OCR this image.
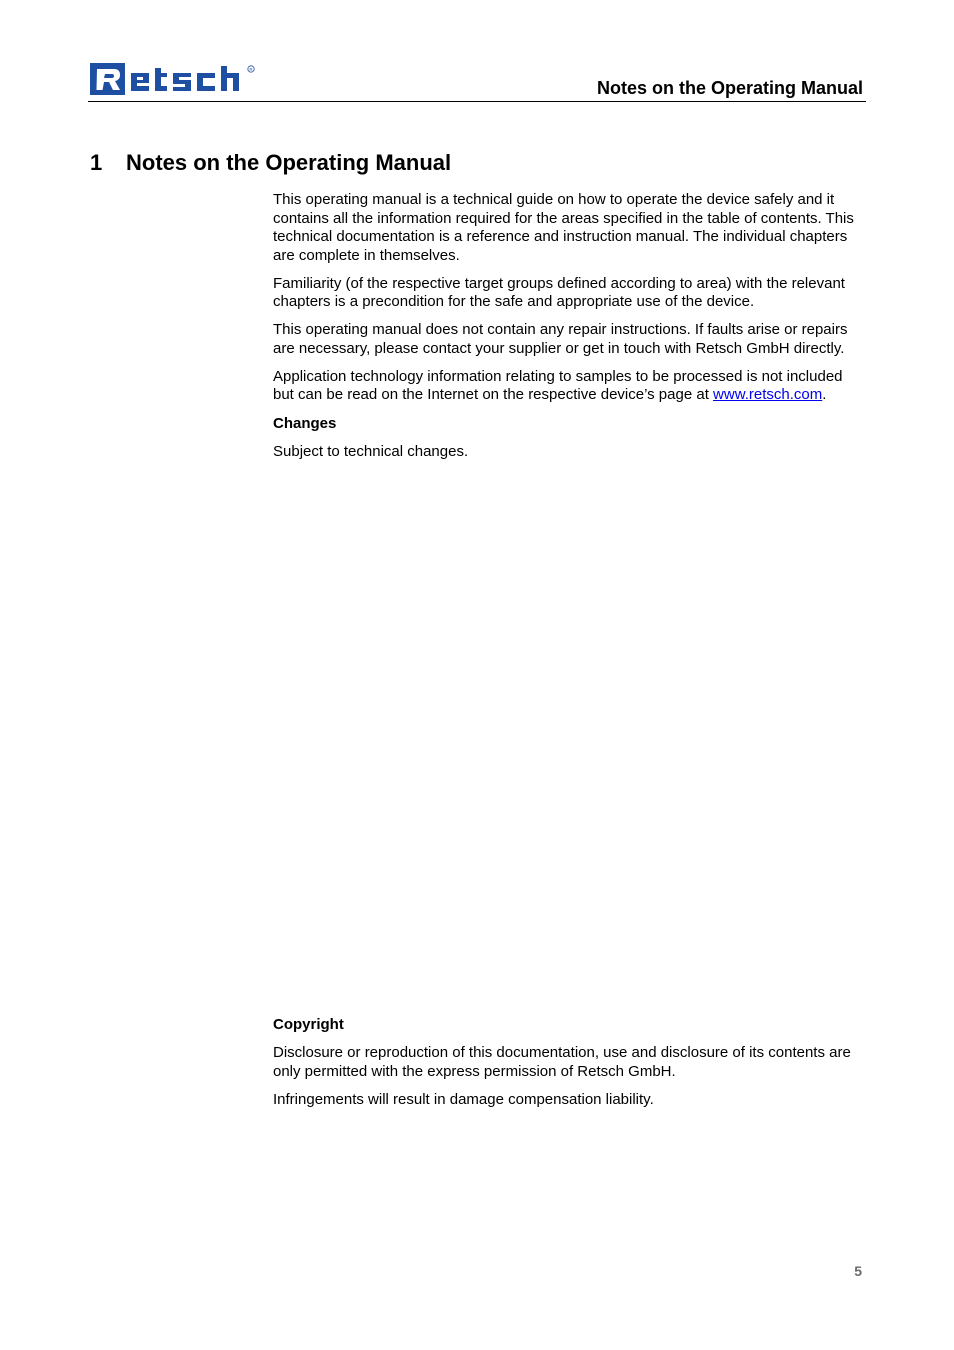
R
Notes on the Operating Manual
1 Notes on the Operating Manual

This operating manual is a technical guide on how to operate the device safely and it contains all the information required for the areas specified in the table of contents. This technical documentation is a reference and instruction manual. The individual chapters are complete in themselves.

Familiarity (of the respective target groups defined according to area) with the relevant chapters is a precondition for the safe and appropriate use of the device.

This operating manual does not contain any repair instructions. If faults arise or repairs are necessary, please contact your supplier or get in touch with Retsch GmbH directly.

Application technology information relating to samples to be processed is not included but can be read on the Internet on the respective device’s page at www.retsch.com.

Changes

Subject to technical changes.

Copyright

Disclosure or reproduction of this documentation, use and disclosure of its contents are only permitted with the express permission of Retsch GmbH.

Infringements will result in damage compensation liability.

5
